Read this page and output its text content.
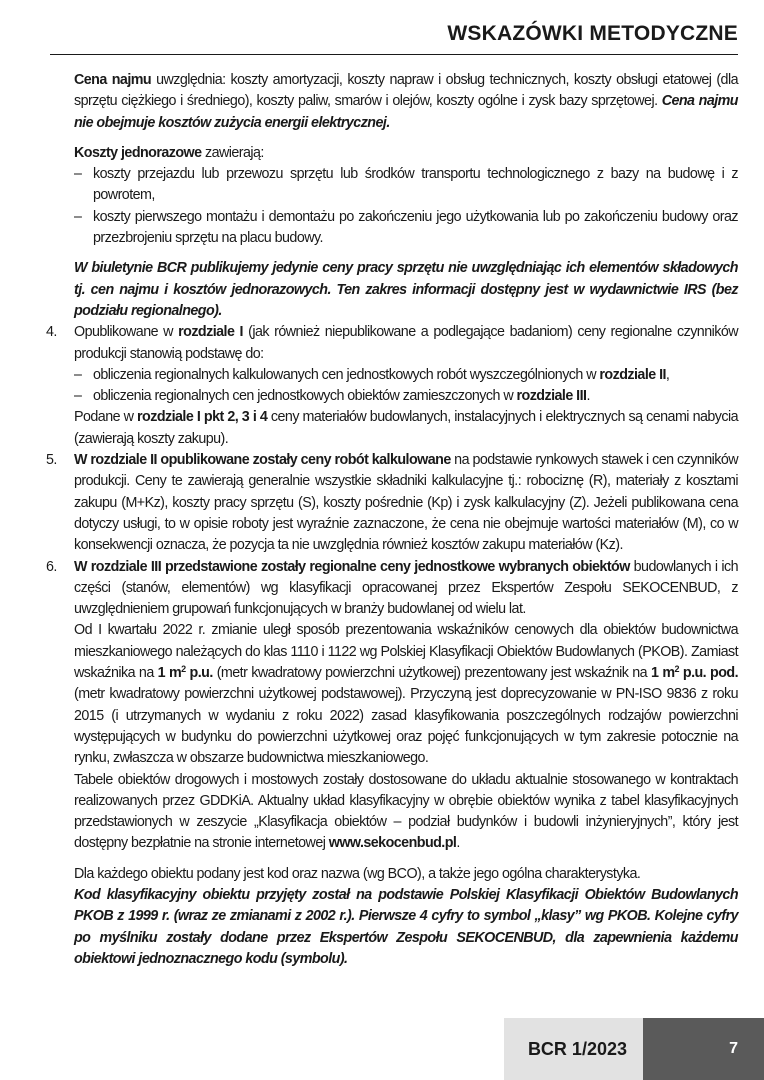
WSKAZÓWKI METODYCZNE

Cena najmu uwzględnia: koszty amortyzacji, koszty napraw i obsług technicznych, koszty obsługi etatowej (dla sprzętu ciężkiego i średniego), koszty paliw, smarów i olejów, koszty ogólne i zysk bazy sprzętowej. Cena najmu nie obejmuje kosztów zużycia energii elektrycznej.

Koszty jednorazowe zawierają:

– koszty przejazdu lub przewozu sprzętu lub środków transportu technologicznego z bazy na budowę i z powrotem,

– koszty pierwszego montażu i demontażu po zakończeniu jego użytkowania lub po zakończeniu budowy oraz przezbrojeniu sprzętu na placu budowy.

W biuletynie BCR publikujemy jedynie ceny pracy sprzętu nie uwzględniając ich elementów składowych tj. cen najmu i kosztów jednorazowych. Ten zakres informacji dostępny jest w wydawnictwie IRS (bez podziału regionalnego).

4. Opublikowane w rozdziale I (jak również niepublikowane a podlegające badaniom) ceny regionalne czynników produkcji stanowią podstawę do:

– obliczenia regionalnych kalkulowanych cen jednostkowych robót wyszczególnionych w rozdziale II,

– obliczenia regionalnych cen jednostkowych obiektów zamieszczonych w rozdziale III.

Podane w rozdziale I pkt 2, 3 i 4 ceny materiałów budowlanych, instalacyjnych i elektrycznych są cenami nabycia (zawierają koszty zakupu).

5. W rozdziale II opublikowane zostały ceny robót kalkulowane na podstawie rynkowych stawek i cen czynników produkcji. Ceny te zawierają generalnie wszystkie składniki kalkulacyjne tj.: robociznę (R), materiały z kosztami zakupu (M+Kz), koszty pracy sprzętu (S), koszty pośrednie (Kp) i zysk kalkulacyjny (Z). Jeżeli publikowana cena dotyczy usługi, to w opisie roboty jest wyraźnie zaznaczone, że cena nie obejmuje wartości materiałów (M), co w konsekwencji oznacza, że pozycja ta nie uwzględnia również kosztów zakupu materiałów (Kz).

6. W rozdziale III przedstawione zostały regionalne ceny jednostkowe wybranych obiektów budowlanych i ich części (stanów, elementów) wg klasyfikacji opracowanej przez Ekspertów Zespołu SEKOCENBUD, z uwzględnieniem grupowań funkcjonujących w branży budowlanej od wielu lat.

Od I kwartału 2022 r. zmianie uległ sposób prezentowania wskaźników cenowych dla obiektów budownictwa mieszkaniowego należących do klas 1110 i 1122 wg Polskiej Klasyfikacji Obiektów Budowlanych (PKOB). Zamiast wskaźnika na 1 $m^2$ p.u. (metr kwadratowy powierzchni użytkowej) prezentowany jest wskaźnik na 1 $m^2$ p.u. pod. (metr kwadratowy powierzchni użytkowej podstawowej). Przyczyną jest doprecyzowanie w PN-ISO 9836 z roku 2015 (i utrzymanych w wydaniu z roku 2022) zasad klasyfikowania poszczególnych rodzajów powierzchni występujących w budynku do powierzchni użytkowej oraz pojęć funkcjonujących w tym zakresie potocznie na rynku, zwłaszcza w obszarze budownictwa mieszkaniowego.

Tabele obiektów drogowych i mostowych zostały dostosowane do układu aktualnie stosowanego w kontraktach realizowanych przez GDDKiA. Aktualny układ klasyfikacyjny w obrębie obiektów wynika z tabel klasyfikacyjnych przedstawionych w zeszycie „Klasyfikacja obiektów – podział budynków i budowli inżynieryjnych”, który jest dostępny bezpłatnie na stronie internetowej www.sekocenbud.pl.

Dla każdego obiektu podany jest kod oraz nazwa (wg BCO), a także jego ogólna charakterystyka.

Kod klasyfikacyjny obiektu przyjęty został na podstawie Polskiej Klasyfikacji Obiektów Budowlanych PKOB z 1999 r. (wraz ze zmianami z 2002 r.). Pierwsze 4 cyfry to symbol „klasy” wg PKOB. Kolejne cyfry po myślniku zostały dodane przez Ekspertów Zespołu SEKOCENBUD, dla zapewnienia każdemu obiektowi jednoznacznego kodu (symbolu).

BCR 1/2023	7
